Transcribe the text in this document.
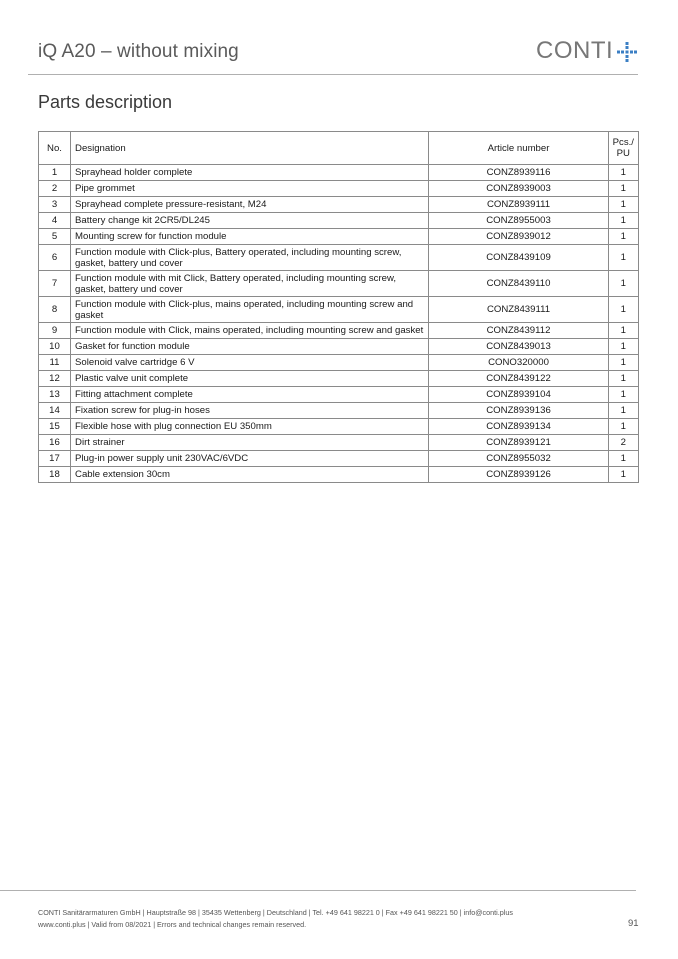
iQ A20 – without mixing	CONTI
Parts description
No.	Designation	Article number	Pcs./
PU
1	Sprayhead holder complete	CONZ8939116	1
2	Pipe grommet	CONZ8939003	1
3	Sprayhead complete pressure-resistant, M24	CONZ8939111	1
4	Battery change kit 2CR5/DL245	CONZ8955003	1
5	Mounting screw for function module	CONZ8939012	1
6	Function module with Click-plus, Battery operated, including mounting screw, gasket, battery und cover	CONZ8439109	1
7	Function module with mit Click, Battery operated, including mounting screw, gasket, battery und cover	CONZ8439110	1
8	Function module with Click-plus, mains operated, including mounting screw and gasket	CONZ8439111	1
9	Function module with Click, mains operated, including mounting screw and gasket	CONZ8439112	1
10	Gasket for function module	CONZ8439013	1
11	Solenoid valve cartridge 6 V	CONO320000	1
12	Plastic valve unit complete	CONZ8439122	1
13	Fitting attachment complete	CONZ8939104	1
14	Fixation screw for plug-in hoses	CONZ8939136	1
15	Flexible hose with plug connection EU 350mm	CONZ8939134	1
16	Dirt strainer	CONZ8939121	2
17	Plug-in power supply unit 230VAC/6VDC	CONZ8955032	1
18	Cable extension 30cm	CONZ8939126	1
CONTI Sanitärarmaturen GmbH | Hauptstraße 98 | 35435 Wettenberg | Deutschland | Tel. +49 641 98221 0 | Fax +49 641 98221 50 | info@conti.plus
www.conti.plus | Valid from 08/2021 | Errors and technical changes remain reserved.	91
